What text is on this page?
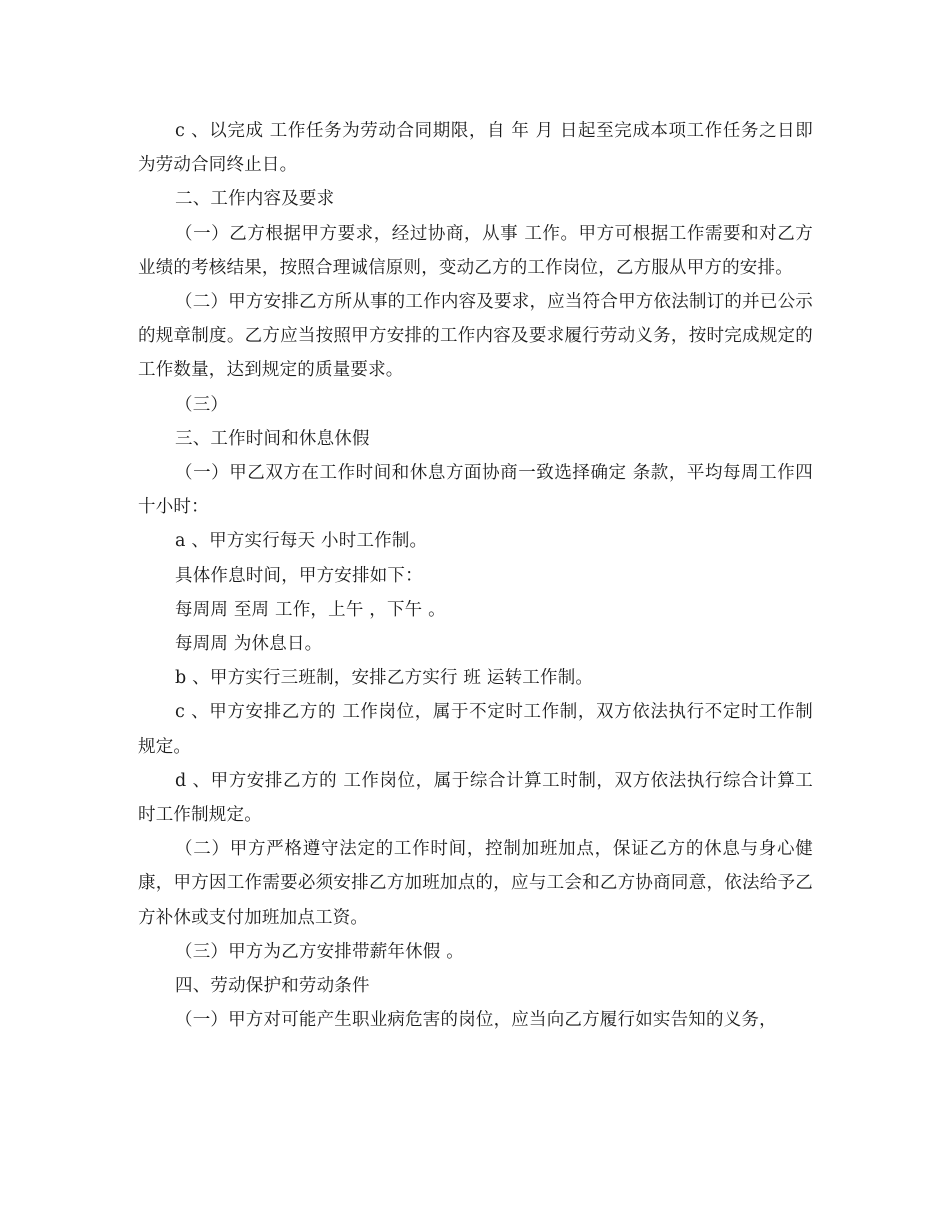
c 、以完成 工作任务为劳动合同期限，自 年 月 日起至完成本项工作任务之日即为劳动合同终止日。

二、工作内容及要求

（一）乙方根据甲方要求，经过协商，从事 工作。甲方可根据工作需要和对乙方业绩的考核结果，按照合理诚信原则，变动乙方的工作岗位，乙方服从甲方的安排。

（二）甲方安排乙方所从事的工作内容及要求，应当符合甲方依法制订的并已公示的规章制度。乙方应当按照甲方安排的工作内容及要求履行劳动义务，按时完成规定的工作数量，达到规定的质量要求。

（三）

三、工作时间和休息休假

（一）甲乙双方在工作时间和休息方面协商一致选择确定 条款，平均每周工作四十小时：

a 、甲方实行每天 小时工作制。

具体作息时间，甲方安排如下：

每周周 至周 工作，上午 ，下午 。

每周周 为休息日。

b 、甲方实行三班制，安排乙方实行 班 运转工作制。

c 、甲方安排乙方的 工作岗位，属于不定时工作制，双方依法执行不定时工作制规定。

d 、甲方安排乙方的 工作岗位，属于综合计算工时制，双方依法执行综合计算工时工作制规定。

（二）甲方严格遵守法定的工作时间，控制加班加点，保证乙方的休息与身心健康，甲方因工作需要必须安排乙方加班加点的，应与工会和乙方协商同意，依法给予乙方补休或支付加班加点工资。

（三）甲方为乙方安排带薪年休假 。

四、劳动保护和劳动条件

（一）甲方对可能产生职业病危害的岗位，应当向乙方履行如实告知的义务，
